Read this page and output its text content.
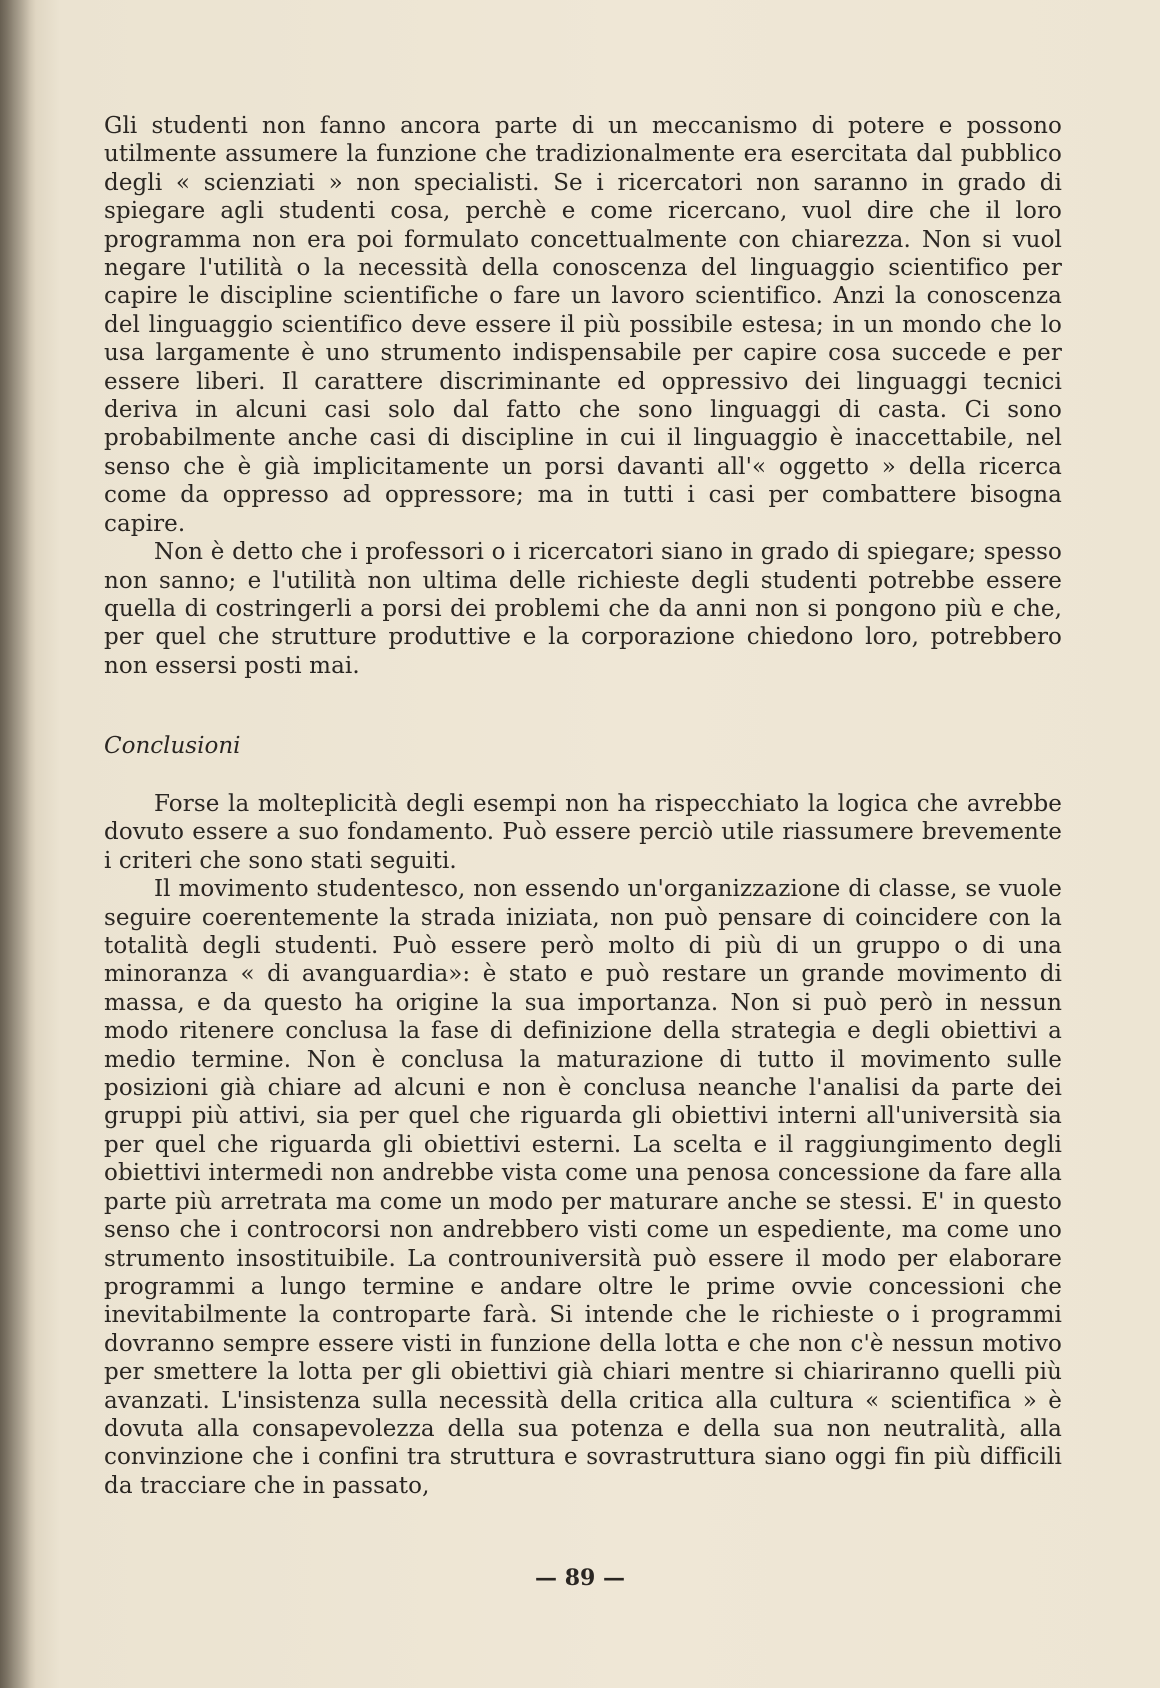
Gli studenti non fanno ancora parte di un meccanismo di potere e possono utilmente assumere la funzione che tradizionalmente era esercitata dal pubblico degli « scienziati » non specialisti. Se i ricercatori non saranno in grado di spiegare agli studenti cosa, perchè e come ricercano, vuol dire che il loro programma non era poi formulato concettualmente con chiarezza. Non si vuol negare l'utilità o la necessità della conoscenza del linguaggio scientifico per capire le discipline scientifiche o fare un lavoro scientifico. Anzi la conoscenza del linguaggio scientifico deve essere il più possibile estesa; in un mondo che lo usa largamente è uno strumento indispensabile per capire cosa succede e per essere liberi. Il carattere discriminante ed oppressivo dei linguaggi tecnici deriva in alcuni casi solo dal fatto che sono linguaggi di casta. Ci sono probabilmente anche casi di discipline in cui il linguaggio è inaccettabile, nel senso che è già implicitamente un porsi davanti all'« oggetto » della ricerca come da oppresso ad oppressore; ma in tutti i casi per combattere bisogna capire.

Non è detto che i professori o i ricercatori siano in grado di spiegare; spesso non sanno; e l'utilità non ultima delle richieste degli studenti potrebbe essere quella di costringerli a porsi dei problemi che da anni non si pongono più e che, per quel che strutture produttive e la corporazione chiedono loro, potrebbero non essersi posti mai.

Conclusioni

Forse la molteplicità degli esempi non ha rispecchiato la logica che avrebbe dovuto essere a suo fondamento. Può essere perciò utile riassumere brevemente i criteri che sono stati seguiti.

Il movimento studentesco, non essendo un'organizzazione di classe, se vuole seguire coerentemente la strada iniziata, non può pensare di coincidere con la totalità degli studenti. Può essere però molto di più di un gruppo o di una minoranza « di avanguardia»: è stato e può restare un grande movimento di massa, e da questo ha origine la sua importanza. Non si può però in nessun modo ritenere conclusa la fase di definizione della strategia e degli obiettivi a medio termine. Non è conclusa la maturazione di tutto il movimento sulle posizioni già chiare ad alcuni e non è conclusa neanche l'analisi da parte dei gruppi più attivi, sia per quel che riguarda gli obiettivi interni all'università sia per quel che riguarda gli obiettivi esterni. La scelta e il raggiungimento degli obiettivi intermedi non andrebbe vista come una penosa concessione da fare alla parte più arretrata ma come un modo per maturare anche se stessi. E' in questo senso che i controcorsi non andrebbero visti come un espediente, ma come uno strumento insostituibile. La controuniversità può essere il modo per elaborare programmi a lungo termine e andare oltre le prime ovvie concessioni che inevitabilmente la controparte farà. Si intende che le richieste o i programmi dovranno sempre essere visti in funzione della lotta e che non c'è nessun motivo per smettere la lotta per gli obiettivi già chiari mentre si chiariranno quelli più avanzati. L'insistenza sulla necessità della critica alla cultura « scientifica » è dovuta alla consapevolezza della sua potenza e della sua non neutralità, alla convinzione che i confini tra struttura e sovrastruttura siano oggi fin più difficili da tracciare che in passato,

— 89 —
